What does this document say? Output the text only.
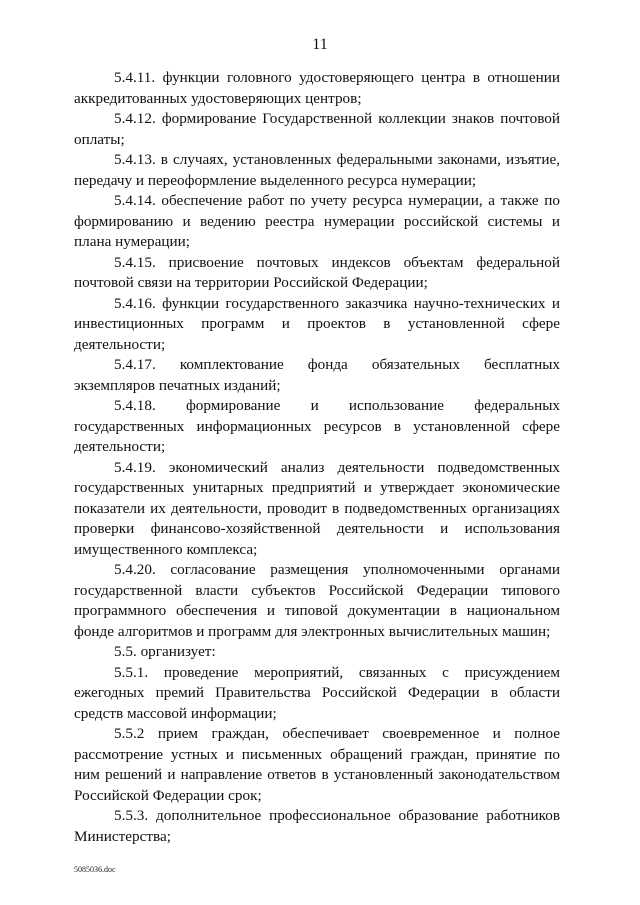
11

5.4.11. функции головного удостоверяющего центра в отношении аккредитованных удостоверяющих центров;

5.4.12. формирование Государственной коллекции знаков почтовой оплаты;

5.4.13. в случаях, установленных федеральными законами, изъятие, передачу и переоформление выделенного ресурса нумерации;

5.4.14. обеспечение работ по учету ресурса нумерации, а также по формированию и ведению реестра нумерации российской системы и плана нумерации;

5.4.15. присвоение почтовых индексов объектам федеральной почтовой связи на территории Российской Федерации;

5.4.16. функции государственного заказчика научно-технических и инвестиционных программ и проектов в установленной сфере деятельности;

5.4.17. комплектование фонда обязательных бесплатных экземпляров печатных изданий;

5.4.18. формирование и использование федеральных государственных информационных ресурсов в установленной сфере деятельности;

5.4.19. экономический анализ деятельности подведомственных государственных унитарных предприятий и утверждает экономические показатели их деятельности, проводит в подведомственных организациях проверки финансово-хозяйственной деятельности и использования имущественного комплекса;

5.4.20. согласование размещения уполномоченными органами государственной власти субъектов Российской Федерации типового программного обеспечения и типовой документации в национальном фонде алгоритмов и программ для электронных вычислительных машин;

5.5. организует:

5.5.1. проведение мероприятий, связанных с присуждением ежегодных премий Правительства Российской Федерации в области средств массовой информации;

5.5.2 прием граждан, обеспечивает своевременное и полное рассмотрение устных и письменных обращений граждан, принятие по ним решений и направление ответов в установленный законодательством Российской Федерации срок;

5.5.3. дополнительное профессиональное образование работников Министерства;

5085036.doc
